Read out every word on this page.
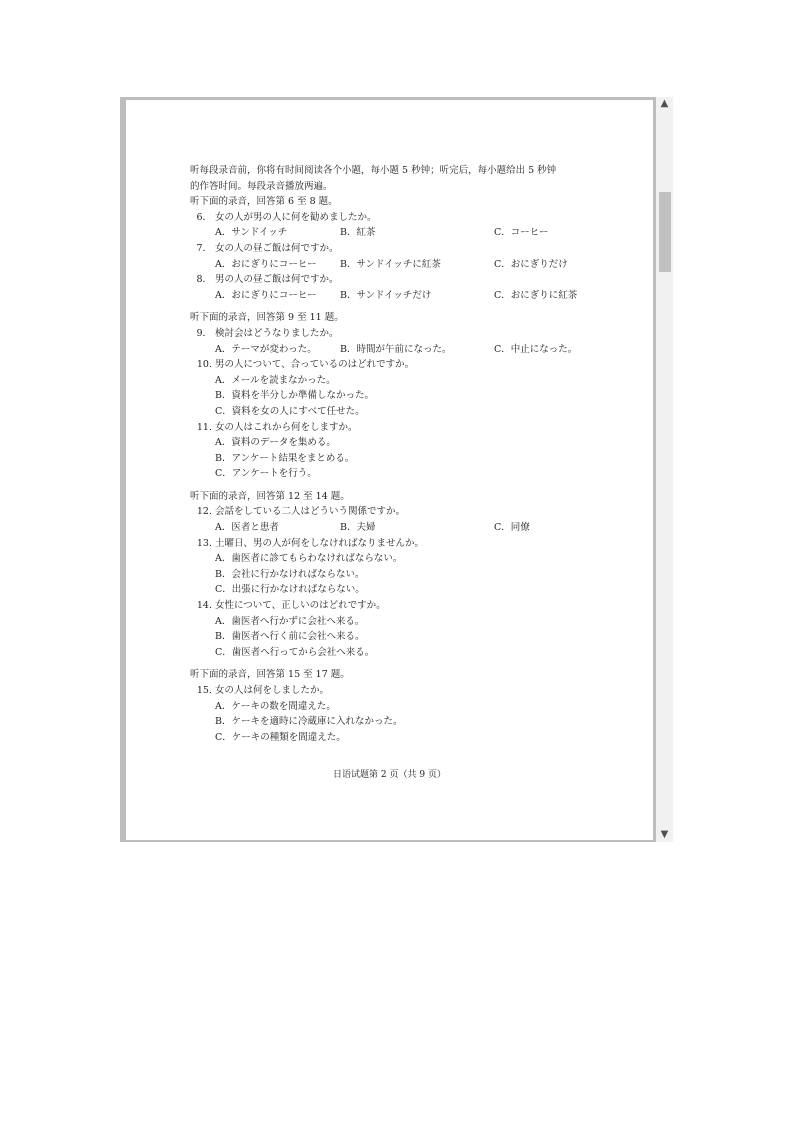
听每段录音前，你将有时间阅读各个小题，每小题 5 秒钟；听完后，每小题给出 5 秒钟
的作答时间。每段录音播放两遍。
听下面的录音，回答第 6 至 8 题。
6． 女の人が男の人に何を勧めましたか。
A．サンドイッチ	B．紅茶	C．コーヒー
7． 女の人の昼ご飯は何ですか。
A．おにぎりにコーヒー B．サンドイッチに紅茶	C．おにぎりだけ
8． 男の人の昼ご飯は何ですか。
A．おにぎりにコーヒー B．サンドイッチだけ	C．おにぎりに紅茶
听下面的录音，回答第 9 至 11 题。
9． 検討会はどうなりましたか。
A．テーマが変わった。 B．時間が午前になった。	C．中止になった。
10. 男の人について、合っているのはどれですか。
A．メールを読まなかった。
B．資料を半分しか準備しなかった。
C．資料を女の人にすべて任せた。
11. 女の人はこれから何をしますか。
A．資料のデータを集める。
B．アンケート結果をまとめる。
C．アンケートを行う。
听下面的录音，回答第 12 至 14 题。
12. 会話をしている二人はどういう関係ですか。
A．医者と患者	B．夫婦	C．同僚
13. 土曜日、男の人が何をしなければなりませんか。
A．歯医者に診てもらわなければならない。
B．会社に行かなければならない。
C．出張に行かなければならない。
14. 女性について、正しいのはどれですか。
A．歯医者へ行かずに会社へ来る。
B．歯医者へ行く前に会社へ来る。
C．歯医者へ行ってから会社へ来る。
听下面的录音，回答第 15 至 17 题。
15. 女の人は何をしましたか。
A．ケーキの数を間違えた。
B．ケーキを適時に冷蔵庫に入れなかった。
C．ケーキの種類を間違えた。
日语试题第 2 页（共 9 页）
▲
▼
